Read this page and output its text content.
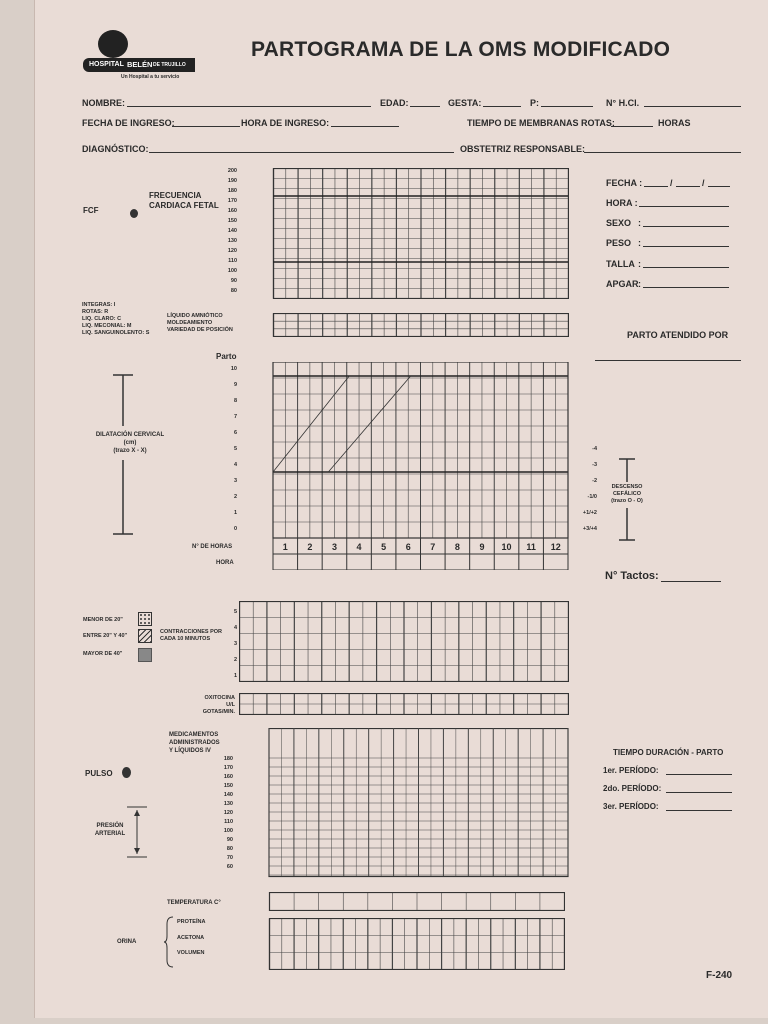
HOSPITAL BELÉN DE TRUJILLO
Un Hospital a tu servicio
PARTOGRAMA DE LA OMS MODIFICADO
NOMBRE:	EDAD:	GESTA:	P:	N° H.Cl.
FECHA DE INGRESO:	HORA DE INGRESO:	TIEMPO DE MEMBRANAS ROTAS:	HORAS
DIAGNÓSTICO:	OBSTETRIZ RESPONSABLE:
FCF
FRECUENCIA
CARDIACA FETAL
200
190
180
170
160
150
140
130
120
110
100
90
80
FECHA :	/	/
HORA :
SEXO :
PESO :
TALLA :
APGAR :
INTEGRAS: I
ROTAS: R
LIQ. CLARO: C
LIQ. MECONIAL: M
LIQ. SANGUINOLENTO: S
LÍQUIDO AMNIÓTICO
MOLDEAMIENTO
VARIEDAD DE POSICIÓN	PARTO ATENDIDO POR
Parto
DILATACIÓN CERVICAL
(cm)
(trazo X - X)
10
9
8
7
6
5
4
3
2
1
0
1 2 3 4 5 6 7 8 9 10 11 12
N° DE HORAS
HORA
-4
-3
-2
-1/0
+1/+2
+3/+4
DESCENSO
CEFÁLICO
(trazo O - O)
N° Tactos:
MENOR DE 20"
ENTRE 20" Y 40"
MAYOR DE 40"
CONTRACCIONES POR
CADA 10 MINUTOS
5
4
3
2
1
OXITOCINA U/L
GOTAS/MIN.
MEDICAMENTOS
ADMINISTRADOS
Y LÍQUIDOS IV
PULSO
PRESIÓN
ARTERIAL
180
170
160
150
140
130
120
110
100
90
80
70
60
TIEMPO DURACIÓN - PARTO
1er. PERÍODO:
2do. PERÍODO:
3er. PERÍODO:
TEMPERATURA C°
ORINA
PROTEÍNA
ACETONA
VOLUMEN
F-240
